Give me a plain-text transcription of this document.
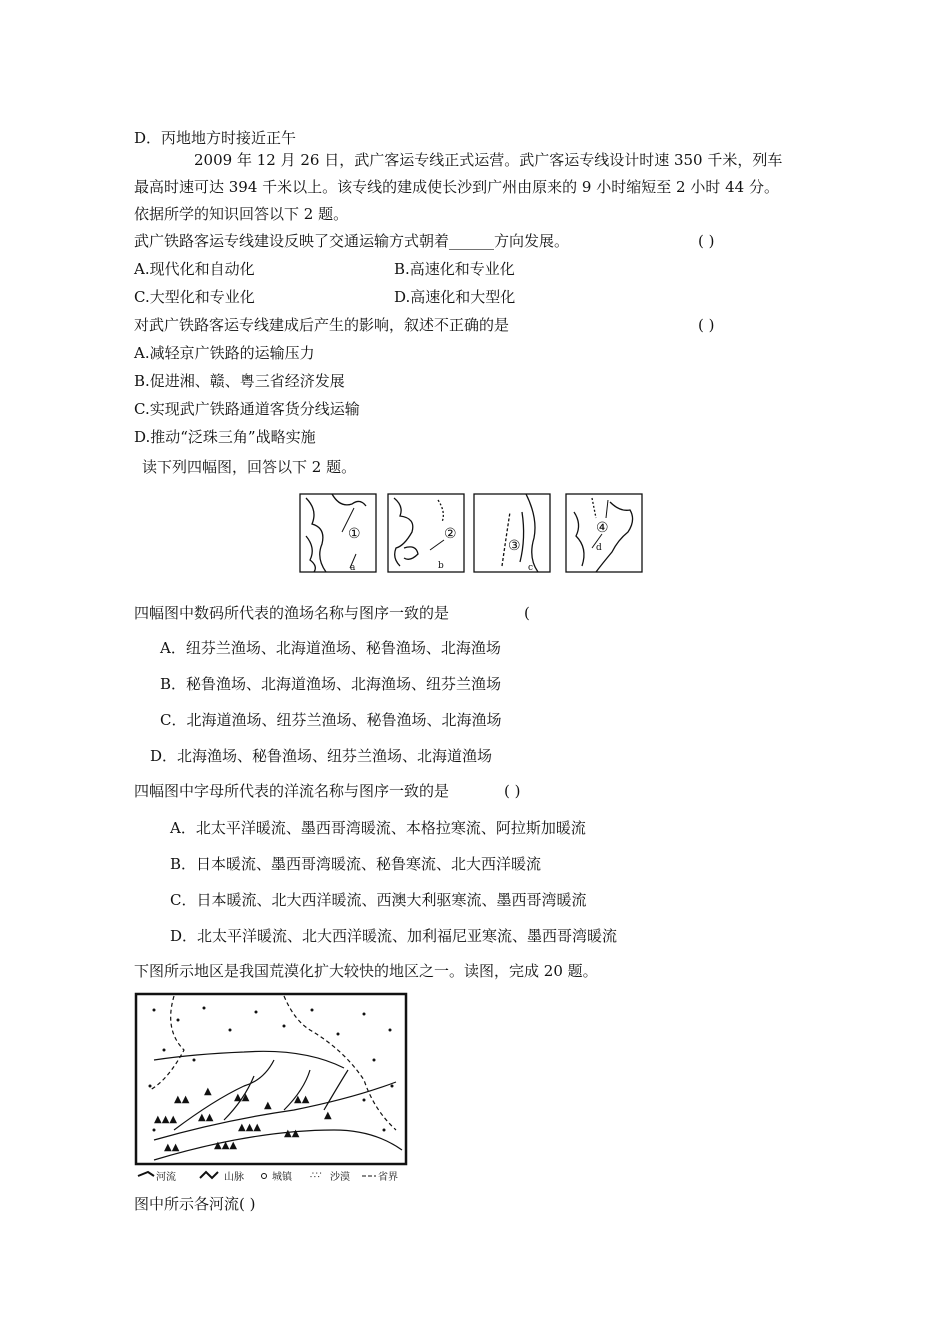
D．丙地地方时接近正午
2009 年 12 月 26 日，武广客运专线正式运营。武广客运专线设计时速 350 千米，列车
最高时速可达 394 千米以上。该专线的建成使长沙到广州由原来的 9 小时缩短至 2 小时 44 分。
依据所学的知识回答以下 2 题。
武广铁路客运专线建设反映了交通运输方式朝着______方向发展。	( )
A.现代化和自动化	B.高速化和专业化
C.大型化和专业化	D.高速化和大型化
对武广铁路客运专线建成后产生的影响，叙述不正确的是	( )
A.减轻京广铁路的运输压力
B.促进湘、赣、粤三省经济发展
C.实现武广铁路通道客货分线运输
D.推动“泛珠三角”战略实施
读下列四幅图，回答以下 2 题。
①	②
③
④
a	b	c
d
四幅图中数码所代表的渔场名称与图序一致的是	(
A．纽芬兰渔场、北海道渔场、秘鲁渔场、北海渔场
B．秘鲁渔场、北海道渔场、北海渔场、纽芬兰渔场
C．北海道渔场、纽芬兰渔场、秘鲁渔场、北海渔场
D．北海渔场、秘鲁渔场、纽芬兰渔场、北海道渔场
四幅图中字母所代表的洋流名称与图序一致的是	( )
A．北太平洋暖流、墨西哥湾暖流、本格拉寒流、阿拉斯加暖流
B．日本暖流、墨西哥湾暖流、秘鲁寒流、北大西洋暖流
C．日本暖流、北大西洋暖流、西澳大利驱寒流、墨西哥湾暖流
D．北太平洋暖流、北大西洋暖流、加利福尼亚寒流、墨西哥湾暖流
下图所示地区是我国荒漠化扩大较快的地区之一。读图，完成 20 题。
▲▲
▲
▲▲
▲
▲▲
▲
▲▲▲ ▲▲
▲▲▲
▲▲
▲▲	▲▲▲
河流	山脉	城镇 ∴∵ 沙漠	省界
图中所示各河流( )
